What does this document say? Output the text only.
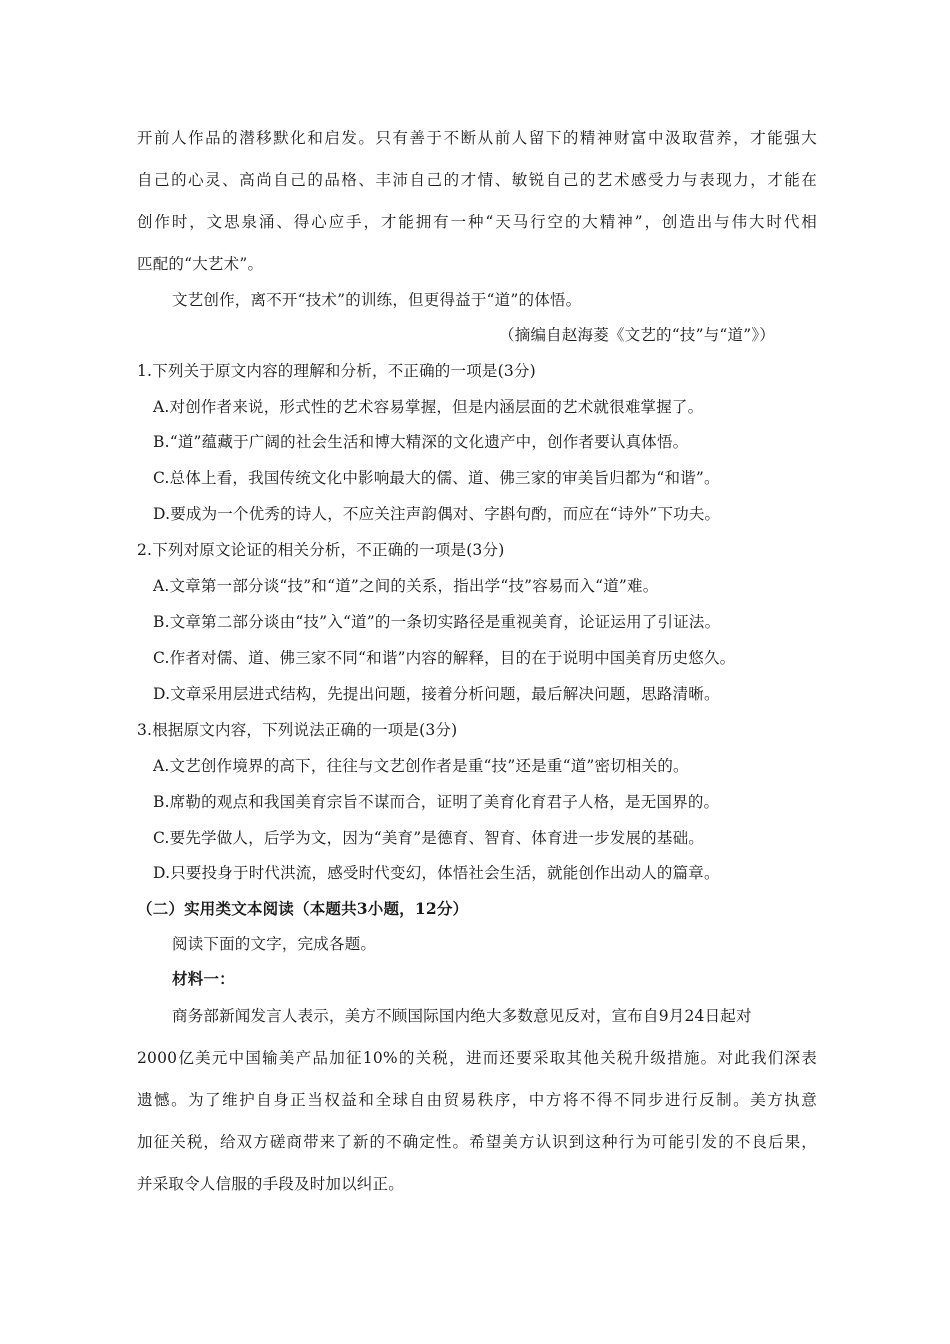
开前人作品的潜移默化和启发。只有善于不断从前人留下的精神财富中汲取营养，才能强大
自己的心灵、高尚自己的品格、丰沛自己的才情、敏锐自己的艺术感受力与表现力，才能在
创作时，文思泉涌、得心应手，才能拥有一种“天马行空的大精神”，创造出与伟大时代相
匹配的“大艺术”。
文艺创作，离不开“技术”的训练，但更得益于“道”的体悟。
（摘编自赵海菱《文艺的“技”与“道”》）
1.下列关于原文内容的理解和分析，不正确的一项是(3分)
A.对创作者来说，形式性的艺术容易掌握，但是内涵层面的艺术就很难掌握了。
B.“道”蕴藏于广阔的社会生活和博大精深的文化遗产中，创作者要认真体悟。
C.总体上看，我国传统文化中影响最大的儒、道、佛三家的审美旨归都为“和谐”。
D.要成为一个优秀的诗人，不应关注声韵偶对、字斟句酌，而应在“诗外”下功夫。
2.下列对原文论证的相关分析，不正确的一项是(3分)
A.文章第一部分谈“技”和“道”之间的关系，指出学“技”容易而入“道”难。
B.文章第二部分谈由“技”入“道”的一条切实路径是重视美育，论证运用了引证法。
C.作者对儒、道、佛三家不同“和谐”内容的解释，目的在于说明中国美育历史悠久。
D.文章采用层进式结构，先提出问题，接着分析问题，最后解决问题，思路清晰。
3.根据原文内容，下列说法正确的一项是(3分)
A.文艺创作境界的高下，往往与文艺创作者是重“技”还是重“道”密切相关的。
B.席勒的观点和我国美育宗旨不谋而合，证明了美育化育君子人格，是无国界的。
C.要先学做人，后学为文，因为“美育”是德育、智育、体育进一步发展的基础。
D.只要投身于时代洪流，感受时代变幻，体悟社会生活，就能创作出动人的篇章。
（二）实用类文本阅读（本题共3小题，12分）
阅读下面的文字，完成各题。
材料一：
商务部新闻发言人表示，美方不顾国际国内绝大多数意见反对，宣布自9月24日起对
2000亿美元中国输美产品加征10%的关税，进而还要采取其他关税升级措施。对此我们深表
遗憾。为了维护自身正当权益和全球自由贸易秩序，中方将不得不同步进行反制。美方执意
加征关税，给双方磋商带来了新的不确定性。希望美方认识到这种行为可能引发的不良后果，
并采取令人信服的手段及时加以纠正。
